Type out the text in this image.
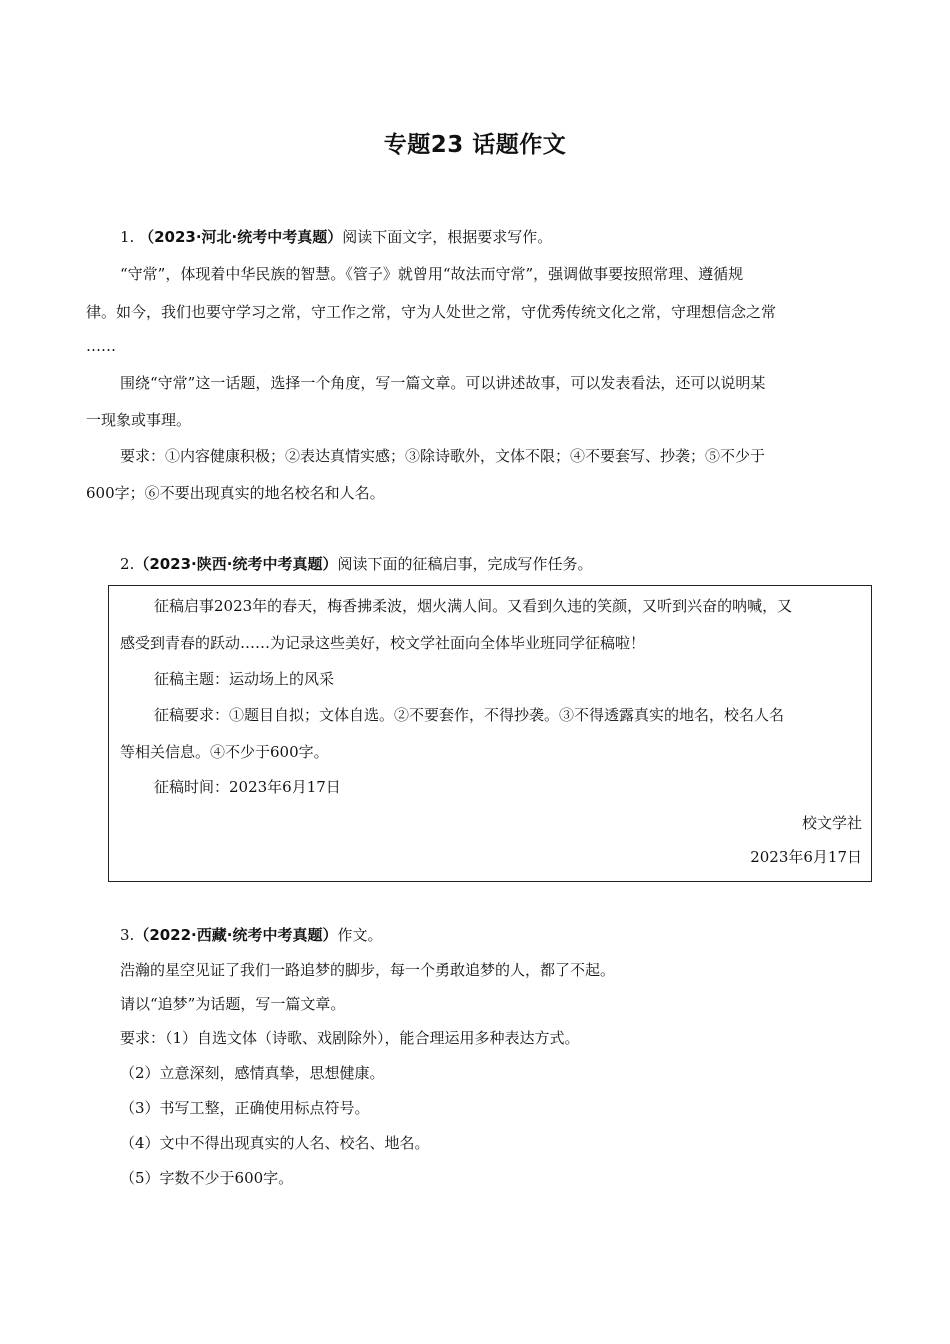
专题23 话题作文
1. （2023·河北·统考中考真题）阅读下面文字，根据要求写作。
“守常”，体现着中华民族的智慧。《管子》就曾用“故法而守常”，强调做事要按照常理、遵循规
律。如今，我们也要守学习之常，守工作之常，守为人处世之常，守优秀传统文化之常，守理想信念之常
……
围绕“守常”这一话题，选择一个角度，写一篇文章。可以讲述故事，可以发表看法，还可以说明某
一现象或事理。
要求：①内容健康积极；②表达真情实感；③除诗歌外，文体不限；④不要套写、抄袭；⑤不少于
600字；⑥不要出现真实的地名校名和人名。
2.（2023·陕西·统考中考真题）阅读下面的征稿启事，完成写作任务。
征稿启事2023年的春天，梅香拂柔波，烟火满人间。又看到久违的笑颜，又听到兴奋的呐喊，又
感受到青春的跃动……为记录这些美好，校文学社面向全体毕业班同学征稿啦！
征稿主题：运动场上的风采
征稿要求：①题目自拟；文体自选。②不要套作，不得抄袭。③不得透露真实的地名，校名人名
等相关信息。④不少于600字。
征稿时间：2023年6月17日
校文学社
2023年6月17日
3.（2022·西藏·统考中考真题）作文。
浩瀚的星空见证了我们一路追梦的脚步，每一个勇敢追梦的人，都了不起。
请以“追梦”为话题，写一篇文章。
要求：（1）自选文体（诗歌、戏剧除外），能合理运用多种表达方式。
（2）立意深刻，感情真挚，思想健康。
（3）书写工整，正确使用标点符号。
（4）文中不得出现真实的人名、校名、地名。
（5）字数不少于600字。
